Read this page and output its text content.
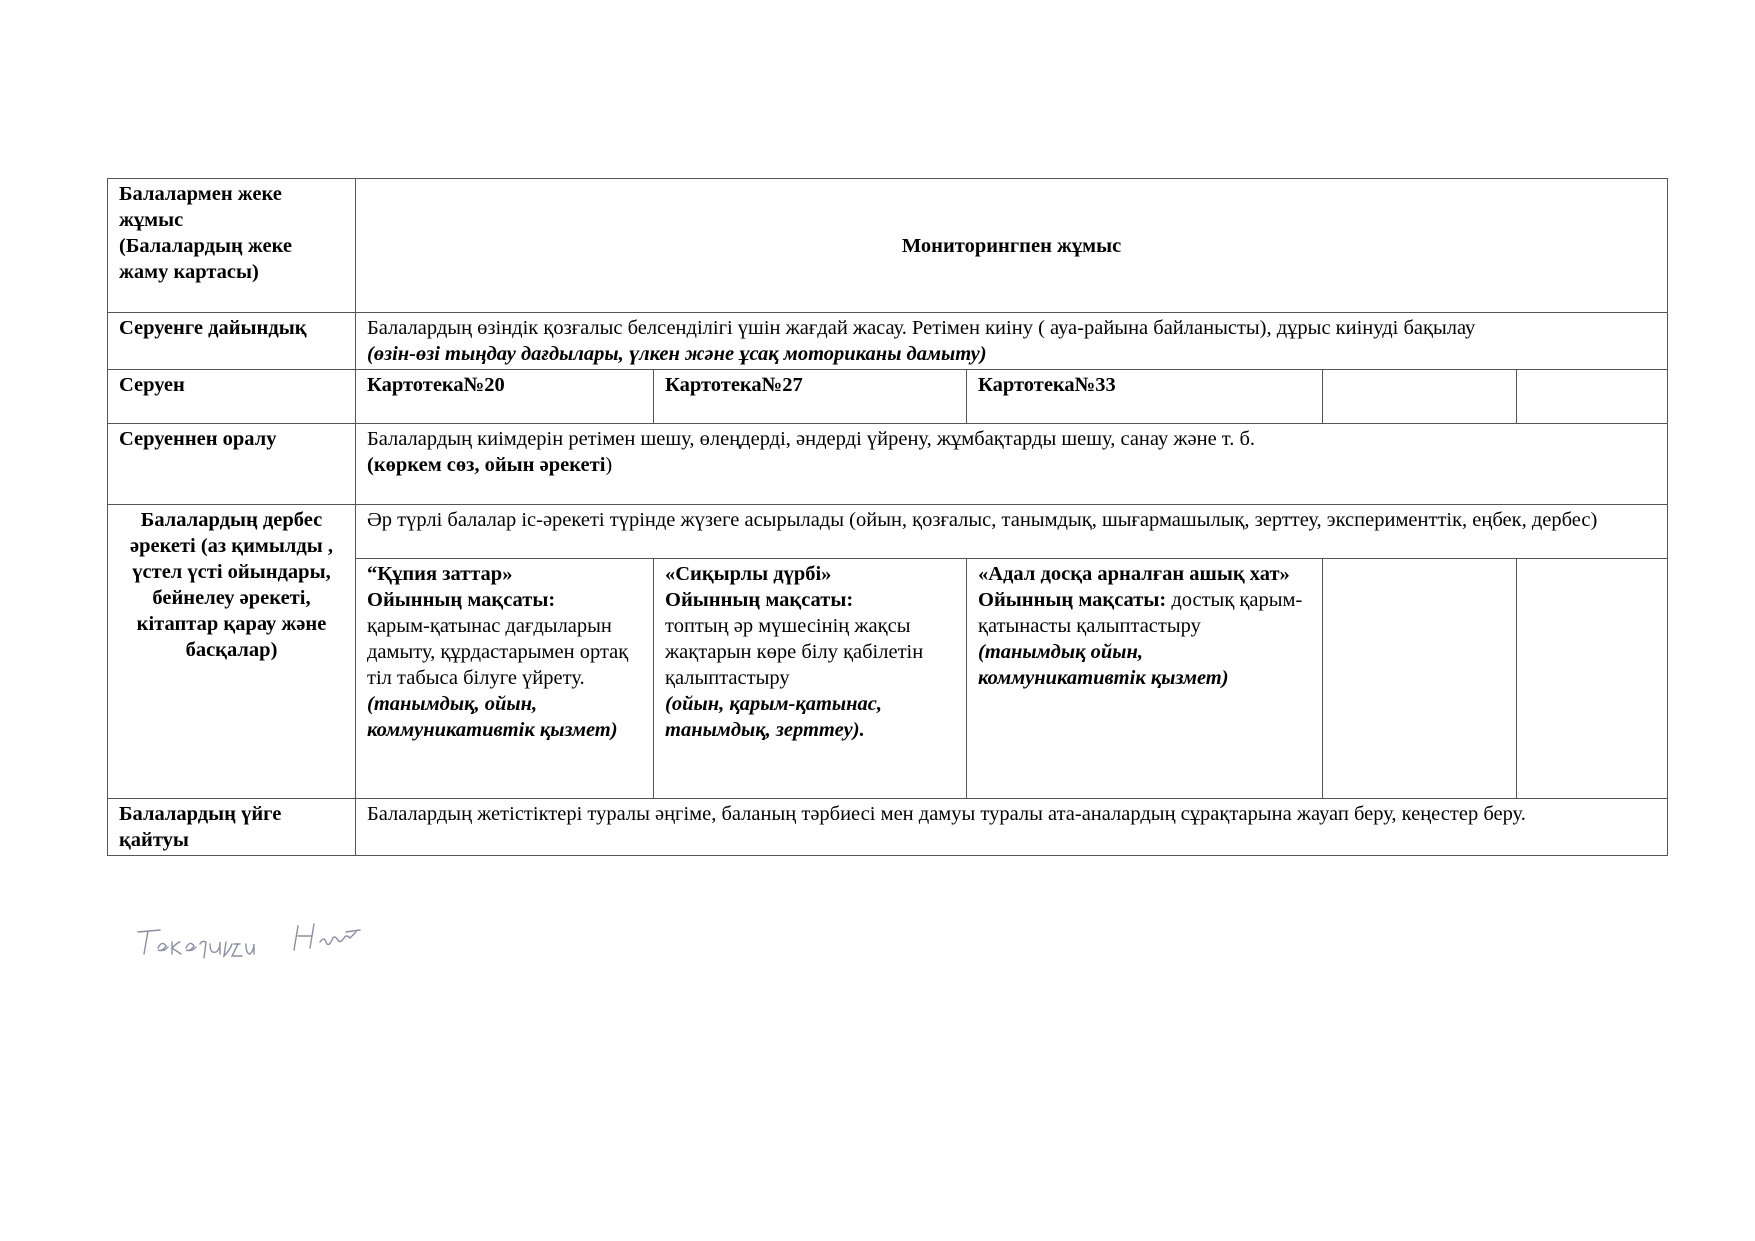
Балалармен жеке
жұмыс
(Балалардың жеке
жаму картасы)	Мониторингпен жұмыс				
Серуенге дайындық	Балалардың өзіндік қозғалыс белсенділігі үшін жағдай жасау. Ретімен киіну ( ауа-райына байланысты), дұрыс киінуді бақылау
(өзін-өзі тыңдау дағдылары, үлкен және ұсақ моториканы дамыту)				
Серуен	Картотека№20	Картотека№27	Картотека№33		
Серуеннен оралу	Балалардың киімдерін ретімен шешу, өлеңдерді, әндерді үйрену, жұмбақтарды шешу, санау және т. б.
(көркем сөз, ойын әрекеті)				
Балалардың дербес әрекеті (аз қимылды , үстел үсті ойындары, бейнелеу әрекеті, кітаптар қарау және басқалар)	Әр түрлі балалар іс-әрекеті түрінде жүзеге асырылады (ойын, қозғалыс, танымдық, шығармашылық, зерттеу, эксперименттік, еңбек, дербес)				
	“Құпия заттар»
Ойынның мақсаты:
қарым-қатынас дағдыларын дамыту, құрдастарымен ортақ тіл табыса білуге үйрету.
(танымдық, ойын, коммуникативтік қызмет)	«Сиқырлы дүрбі»
Ойынның мақсаты:
топтың әр мүшесінің жақсы жақтарын көре білу қабілетін қалыптастыру
(ойын, қарым-қатынас, танымдық, зерттеу).	«Адал досқа арналған ашық хат»
Ойынның мақсаты: достық қарым-қатынасты қалыптастыру
(танымдық ойын, коммуникативтік қызмет)		
Балалардың үйге қайтуы	Балалардың жетістіктері туралы әңгіме, баланың тәрбиесі мен дамуы туралы ата-аналардың сұрақтарына жауап беру, кеңестер беру.				
